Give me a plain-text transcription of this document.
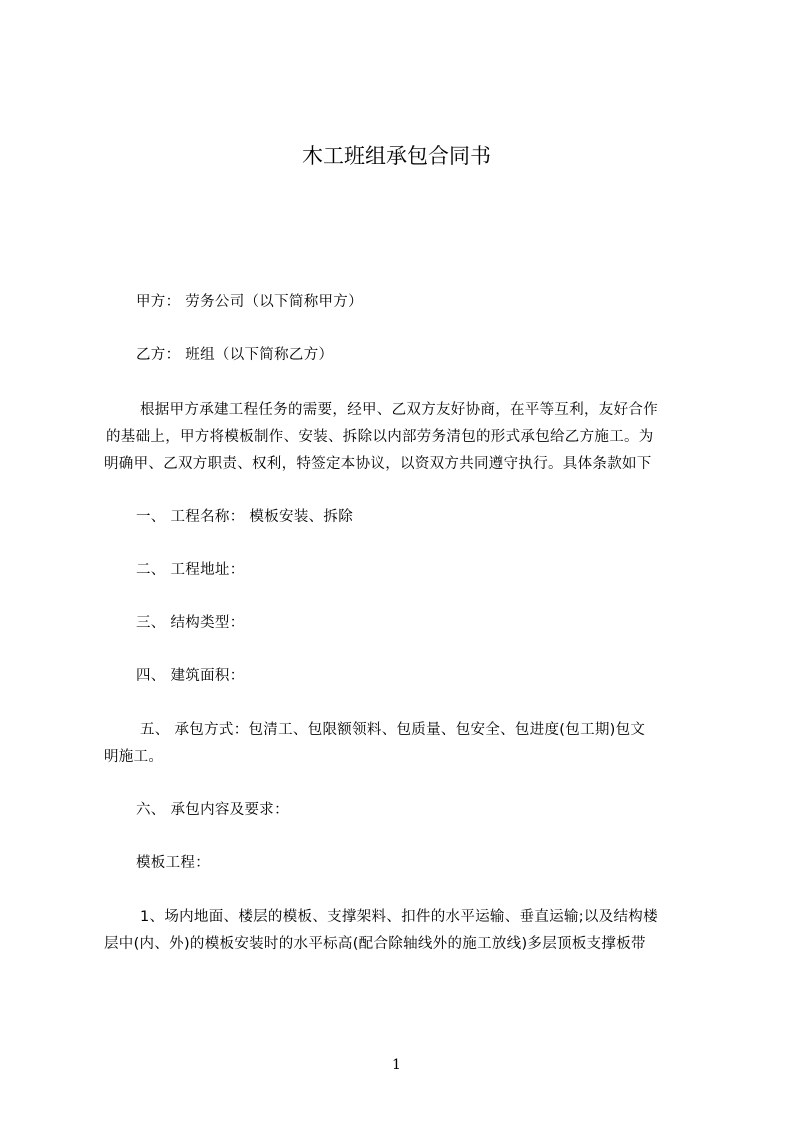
木工班组承包合同书
甲方： 劳务公司（以下简称甲方）
乙方： 班组（以下简称乙方）
根据甲方承建工程任务的需要，经甲、乙双方友好协商，在平等互利，友好合作
的基础上，甲方将模板制作、安装、拆除以内部劳务清包的形式承包给乙方施工。为
明确甲、乙双方职责、权利，特签定本协议，以资双方共同遵守执行。具体条款如下
一、 工程名称： 模板安装、拆除
二、 工程地址：
三、 结构类型：
四、 建筑面积：
五、 承包方式：包清工、包限额领料、包质量、包安全、包进度(包工期)包文
明施工。
六、 承包内容及要求：
模板工程：
1、场内地面、楼层的模板、支撑架料、扣件的水平运输、垂直运输;以及结构楼
层中(内、外)的模板安装时的水平标高(配合除轴线外的施工放线)多层顶板支撑板带
1
